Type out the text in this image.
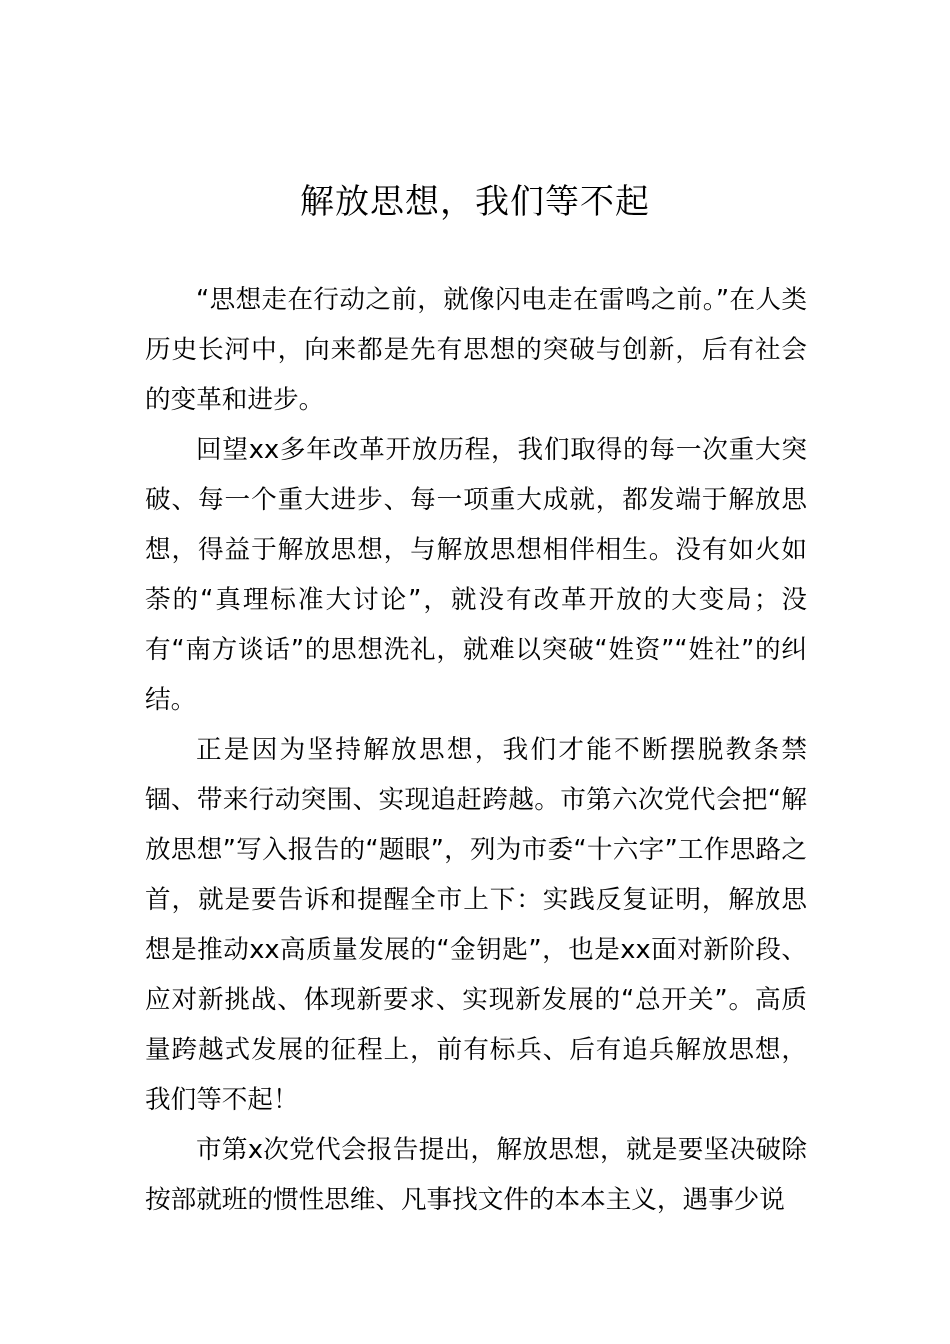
解放思想，我们等不起

“思想走在行动之前，就像闪电走在雷鸣之前。”在人类历史长河中，向来都是先有思想的突破与创新，后有社会的变革和进步。

回望xx多年改革开放历程，我们取得的每一次重大突破、每一个重大进步、每一项重大成就，都发端于解放思想，得益于解放思想，与解放思想相伴相生。没有如火如荼的“真理标准大讨论”，就没有改革开放的大变局；没有“南方谈话”的思想洗礼，就难以突破“姓资”“姓社”的纠结。

正是因为坚持解放思想，我们才能不断摆脱教条禁锢、带来行动突围、实现追赶跨越。市第六次党代会把“解放思想”写入报告的“题眼”，列为市委“十六字”工作思路之首，就是要告诉和提醒全市上下：实践反复证明，解放思想是推动xx高质量发展的“金钥匙”，也是xx面对新阶段、应对新挑战、体现新要求、实现新发展的“总开关”。高质量跨越式发展的征程上，前有标兵、后有追兵解放思想，我们等不起！

市第x次党代会报告提出，解放思想，就是要坚决破除按部就班的惯性思维、凡事找文件的本本主义，遇事少说
